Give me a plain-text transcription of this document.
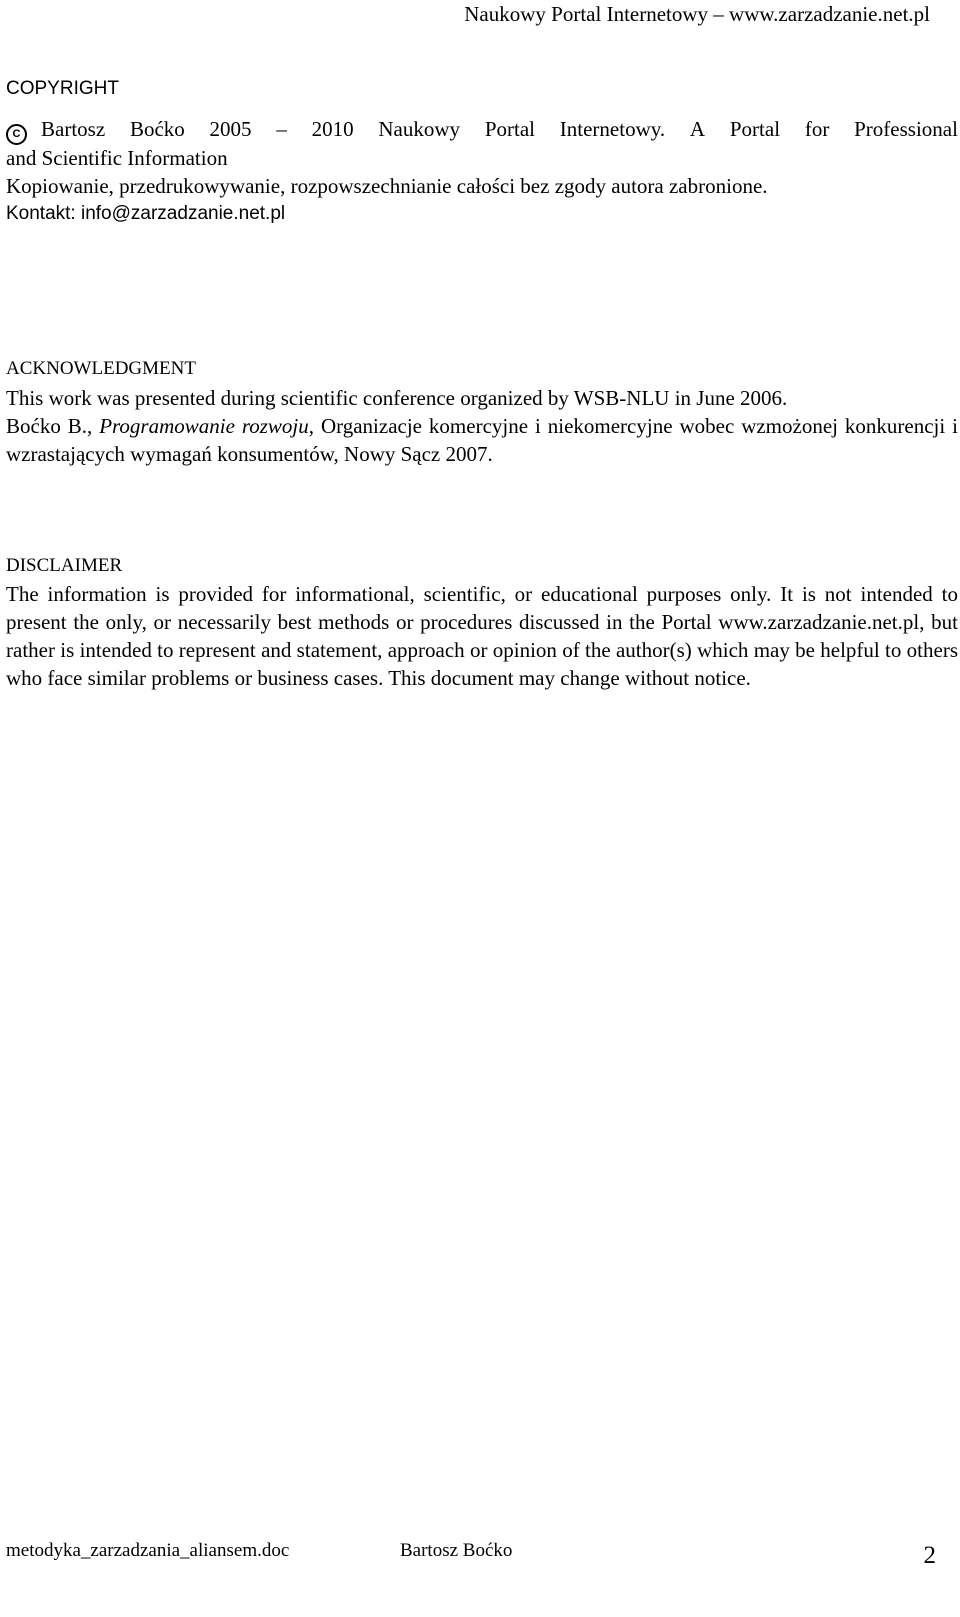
Naukowy Portal Internetowy – www.zarzadzanie.net.pl
COPYRIGHT
C Bartosz Boćko 2005 – 2010 Naukowy Portal Internetowy. A Portal for Professional
and Scientific Information
Kopiowanie, przedrukowywanie, rozpowszechnianie całości bez zgody autora zabronione.
Kontakt: info@zarzadzanie.net.pl
ACKNOWLEDGMENT
This work was presented during scientific conference organized by WSB-NLU in June 2006.

Boćko B., Programowanie rozwoju, Organizacje komercyjne i niekomercyjne wobec wzmożonej konkurencji i wzrastających wymagań konsumentów, Nowy Sącz 2007.

DISCLAIMER

The information is provided for informational, scientific, or educational purposes only. It is not intended to present the only, or necessarily best methods or procedures discussed in the Portal www.zarzadzanie.net.pl, but rather is intended to represent and statement, approach or opinion of the author(s) which may be helpful to others who face similar problems or business cases. This document may change without notice.

metodyka_zarzadzania_aliansem.doc	Bartosz Boćko	2
